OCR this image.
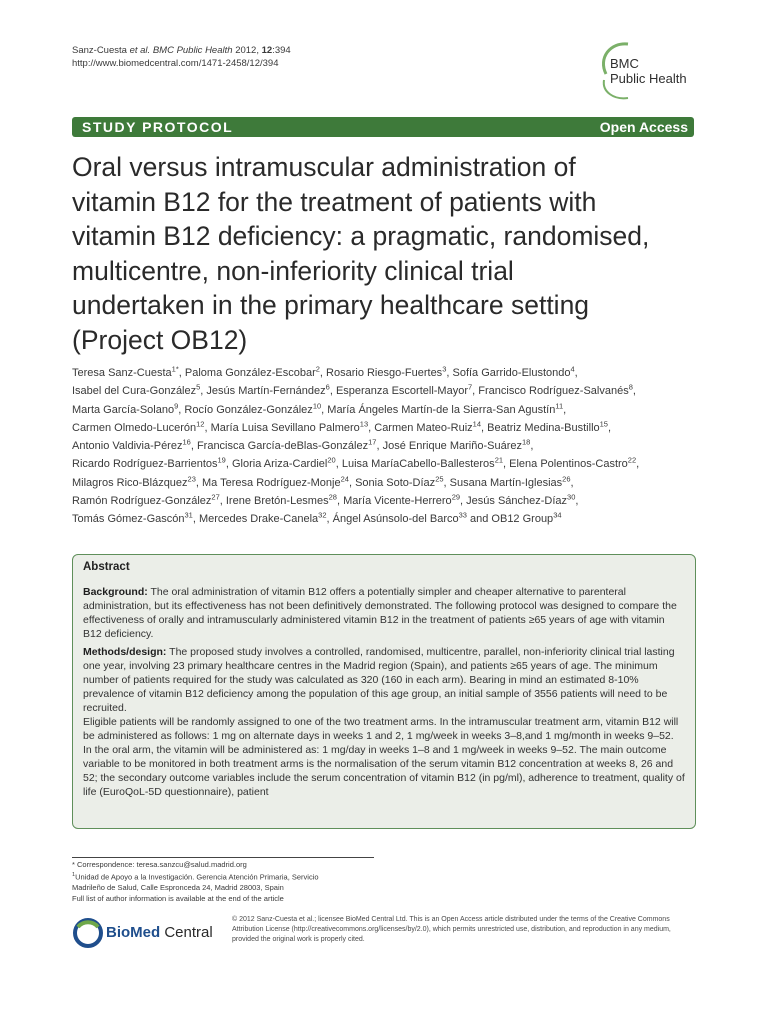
Sanz-Cuesta et al. BMC Public Health 2012, 12:394
http://www.biomedcentral.com/1471-2458/12/394	BMC
Public Health
STUDY PROTOCOL	Open Access
Oral versus intramuscular administration of
vitamin B12 for the treatment of patients with
vitamin B12 deficiency: a pragmatic, randomised,
multicentre, non-inferiority clinical trial
undertaken in the primary healthcare setting
(Project OB12)
Teresa Sanz-Cuesta$^{1*}$, Paloma González-Escobar$^2$, Rosario Riesgo-Fuertes$^3$, Sofía Garrido-Elustondo$^4$,
Isabel del Cura-González$^5$, Jesús Martín-Fernández$^6$, Esperanza Escortell-Mayor$^7$, Francisco Rodríguez-Salvanés$^8$,
Marta García-Solano$^9$, Rocío González-González$^{10}$, María Ángeles Martín-de la Sierra-San Agustín$^{11}$,
Carmen Olmedo-Lucerón$^{12}$, María Luisa Sevillano Palmero$^{13}$, Carmen Mateo-Ruiz$^{14}$, Beatriz Medina-Bustillo$^{15}$,
Antonio Valdivia-Pérez$^{16}$, Francisca García-deBlas-González$^{17}$, José Enrique Mariño-Suárez$^{18}$,
Ricardo Rodríguez-Barrientos$^{19}$, Gloria Ariza-Cardiel$^{20}$, Luisa MaríaCabello-Ballesteros$^{21}$, Elena Polentinos-Castro$^{22}$,
Milagros Rico-Blázquez$^{23}$, Ma Teresa Rodríguez-Monje$^{24}$, Sonia Soto-Díaz$^{25}$, Susana Martín-Iglesias$^{26}$,
Ramón Rodríguez-González$^{27}$, Irene Bretón-Lesmes$^{28}$, María Vicente-Herrero$^{29}$, Jesús Sánchez-Díaz$^{30}$,
Tomás Gómez-Gascón$^{31}$, Mercedes Drake-Canela$^{32}$, Ángel Asúnsolo-del Barco$^{33}$ and OB12 Group$^{34}$
Abstract

Background: The oral administration of vitamin B12 offers a potentially simpler and cheaper alternative to parenteral administration, but its effectiveness has not been definitively demonstrated. The following protocol was designed to compare the effectiveness of orally and intramuscularly administered vitamin B12 in the treatment of patients ≥65 years of age with vitamin B12 deficiency.

Methods/design: The proposed study involves a controlled, randomised, multicentre, parallel, non-inferiority clinical trial lasting one year, involving 23 primary healthcare centres in the Madrid region (Spain), and patients ≥65 years of age. The minimum number of patients required for the study was calculated as 320 (160 in each arm). Bearing in mind an estimated 8-10% prevalence of vitamin B12 deficiency among the population of this age group, an initial sample of 3556 patients will need to be recruited.

Eligible patients will be randomly assigned to one of the two treatment arms. In the intramuscular treatment arm, vitamin B12 will be administered as follows: 1 mg on alternate days in weeks 1 and 2, 1 mg/week in weeks 3–8,and 1 mg/month in weeks 9–52. In the oral arm, the vitamin will be administered as: 1 mg/day in weeks 1–8 and 1 mg/week in weeks 9–52. The main outcome variable to be monitored in both treatment arms is the normalisation of the serum vitamin B12 concentration at weeks 8, 26 and 52; the secondary outcome variables include the serum concentration of vitamin B12 (in pg/ml), adherence to treatment, quality of life (EuroQoL-5D questionnaire), patient

* Correspondence: teresa.sanzcu@salud.madrid.org
$^1$Unidad de Apoyo a la Investigación. Gerencia Atención Primaria, Servicio
Madrileño de Salud, Calle Espronceda 24, Madrid 28003, Spain
Full list of author information is available at the end of the article
BioMed Central
© 2012 Sanz-Cuesta et al.; licensee BioMed Central Ltd. This is an Open Access article distributed under the terms of the Creative Commons Attribution License (http://creativecommons.org/licenses/by/2.0), which permits unrestricted use, distribution, and reproduction in any medium, provided the original work is properly cited.
